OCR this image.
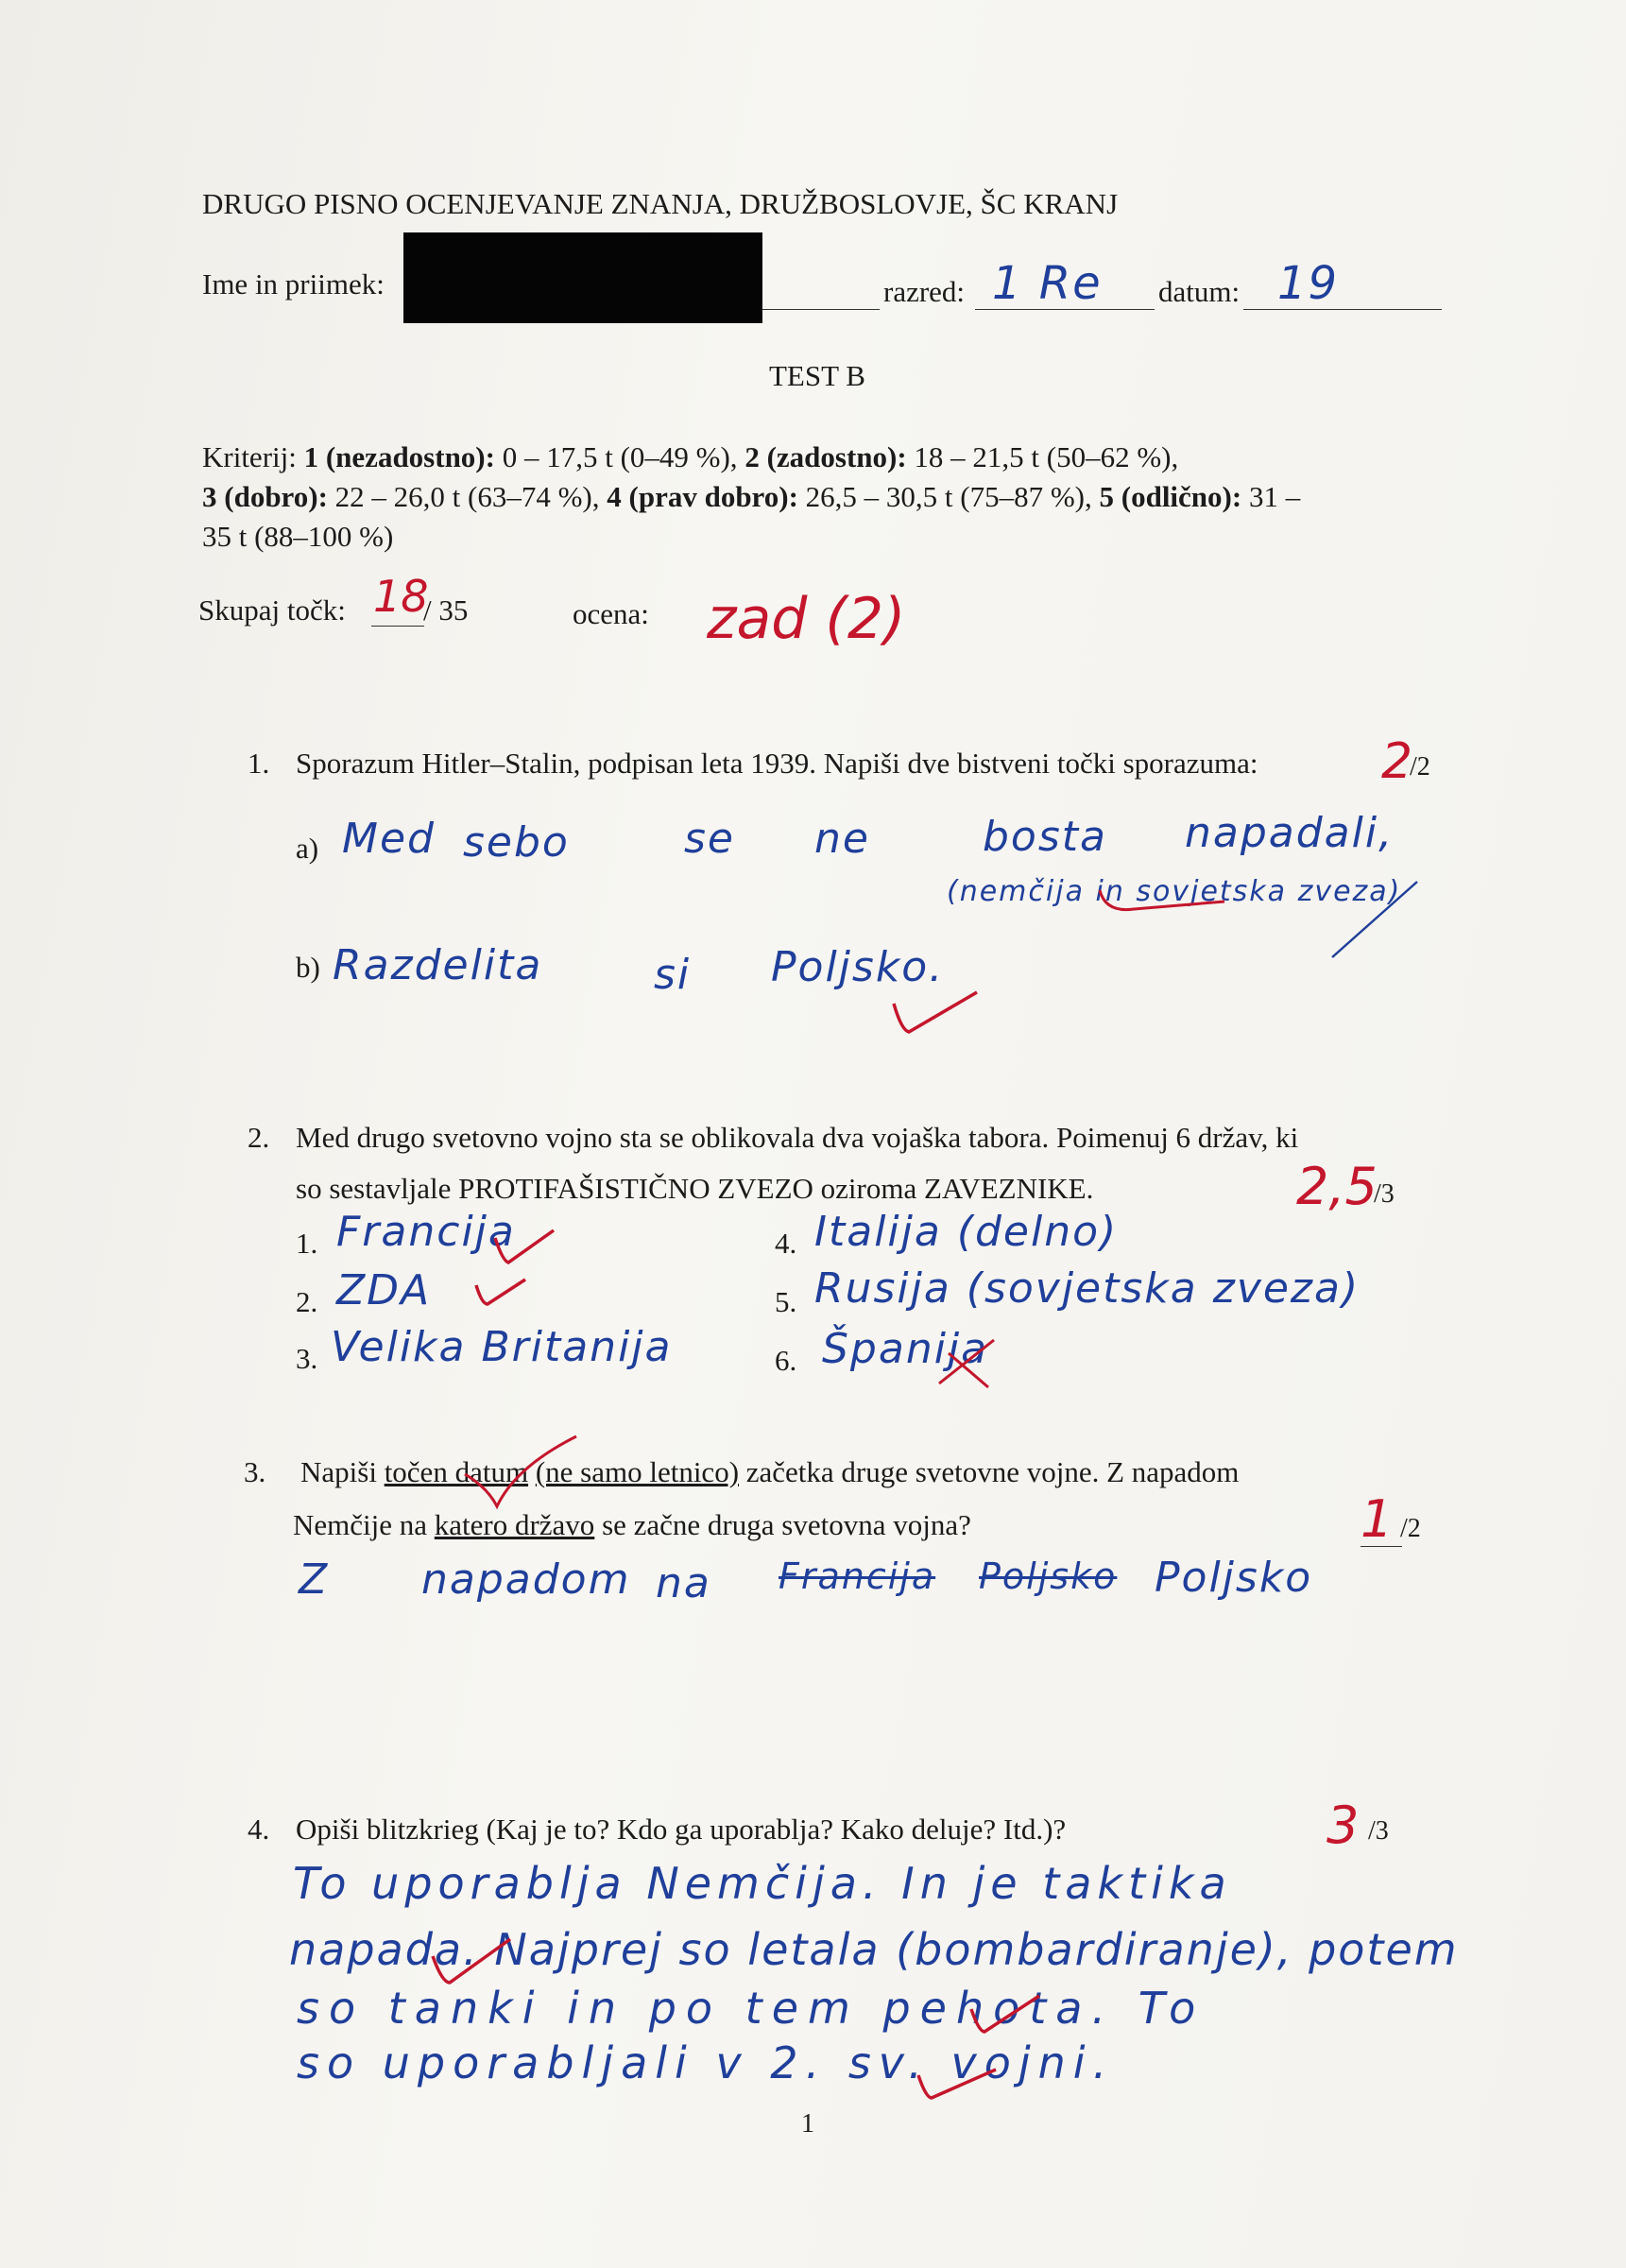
DRUGO PISNO OCENJEVANJE ZNANJA, DRUŽBOSLOVJE, ŠC KRANJ
Ime in priimek:	razred: 1 Re datum: 19
TEST B
Kriterij: 1 (nezadostno): 0 – 17,5 t (0–49 %), 2 (zadostno): 18 – 21,5 t (50–62 %),
3 (dobro): 22 – 26,0 t (63–74 %), 4 (prav dobro): 26,5 – 30,5 t (75–87 %), 5 (odlično): 31 –
35 t (88–100 %)
Skupaj točk: 18
/ 35	ocena: zad (2)
1. Sporazum Hitler–Stalin, podpisan leta 1939. Napiši dve bistveni točki sporazuma:	2
/2
a) Med sebo	se ne	bosta napadali,
(nemčija in sovjetska zveza)
b) Razdelita	si Poljsko.
2. Med drugo svetovno vojno sta se oblikovala dva vojaška tabora. Poimenuj 6 držav, ki
so sestavljale PROTIFAŠISTIČNO ZVEZO oziroma ZAVEZNIKE.	2,5
/3
1. Francija
2. ZDA
3. Velika Britanija
4. Italija (delno)
5. Rusija (sovjetska zveza)
6. Španija
3. Napiši točen datum (ne samo letnico) začetka druge svetovne vojne. Z napadom
Nemčije na katero državo se začne druga svetovna vojna?	1 /2
Z napadom na Francija Poljsko Poljsko
4. Opiši blitzkrieg (Kaj je to? Kdo ga uporablja? Kako deluje? Itd.)?	3 /3
To uporablja Nemčija. In je taktika
napada. Najprej so letala (bombardiranje), potem
so tanki in po tem pehota. To
so uporabljali v 2. sv. vojni.
1
